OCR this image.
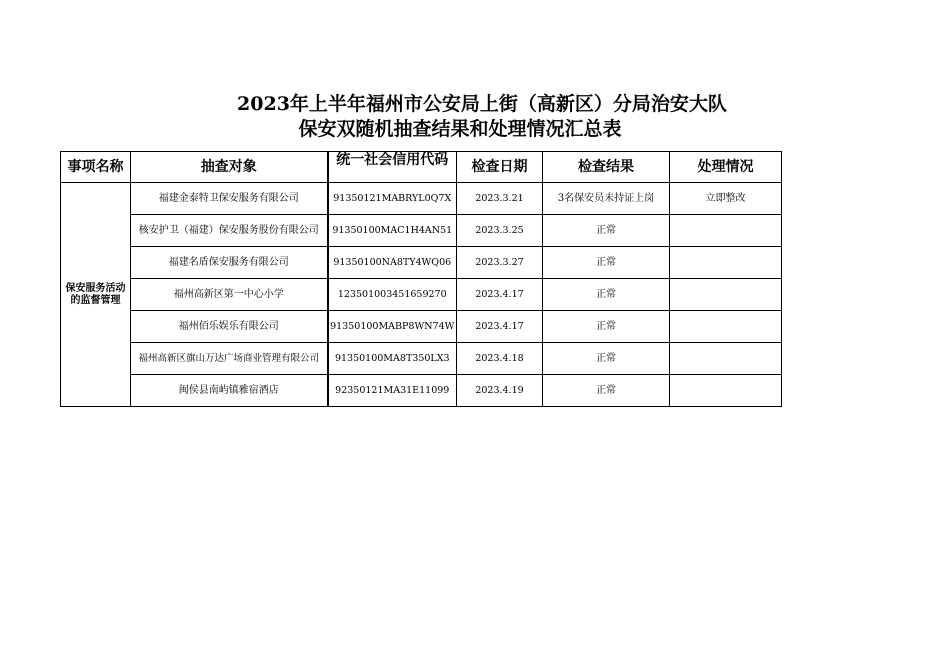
2023年上半年福州市公安局上街（高新区）分局治安大队
保安双随机抽查结果和处理情况汇总表
事项名称	抽查对象	统一社会信用代码	检查日期	检查结果	处理情况
保安服务活动的监督管理	福建金泰特卫保安服务有限公司	91350121MABRYL0Q7X	2023.3.21	3名保安员未持证上岗	立即整改
	核安护卫（福建）保安服务股份有限公司	91350100MAC1H4AN51	2023.3.25	正常	
	福建名盾保安服务有限公司	91350100NA8TY4WQ06	2023.3.27	正常	
	福州高新区第一中心小学	123501003451659270	2023.4.17	正常	
	福州佰乐娱乐有限公司	91350100MABP8WN74W	2023.4.17	正常	
	福州高新区旗山万达广场商业管理有限公司	91350100MA8T350LX3	2023.4.18	正常	
	闽侯县南屿镇雅宿酒店	92350121MA31E11099	2023.4.19	正常	
